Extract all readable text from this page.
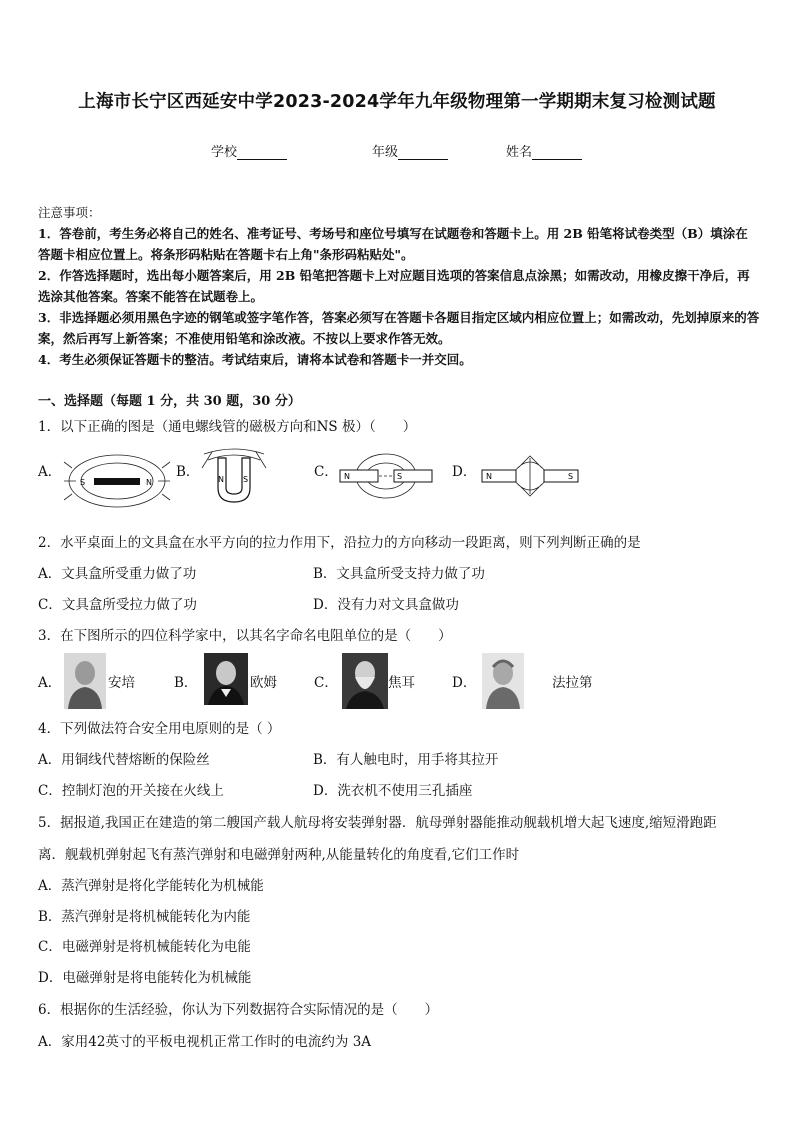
上海市长宁区西延安中学2023-2024学年九年级物理第一学期期末复习检测试题
学校	年级	姓名

注意事项：

1．答卷前，考生务必将自己的姓名、准考证号、考场号和座位号填写在试题卷和答题卡上。用 2B 铅笔将试卷类型（B）填涂在答题卡相应位置上。将条形码粘贴在答题卡右上角"条形码粘贴处"。

2．作答选择题时，选出每小题答案后，用 2B 铅笔把答题卡上对应题目选项的答案信息点涂黑；如需改动，用橡皮擦干净后，再选涂其他答案。答案不能答在试题卷上。

3．非选择题必须用黑色字迹的钢笔或签字笔作答，答案必须写在答题卡各题目指定区域内相应位置上；如需改动，先划掉原来的答案，然后再写上新答案；不准使用铅笔和涂改液。不按以上要求作答无效。

4．考生必须保证答题卡的整洁。考试结束后，请将本试卷和答题卡一并交回。

一、选择题（每题 1 分，共 30 题，30 分）
1．以下正确的图是（通电螺线管的磁极方向和NS 极）（　　）
A．
S	N
B． N S	C． N	S	D． N	S
2．水平桌面上的文具盒在水平方向的拉力作用下，沿拉力的方向移动一段距离，则下列判断正确的是
A．文具盒所受重力做了功	B．文具盒所受支持力做了功
C．文具盒所受拉力做了功	D．没有力对文具盒做功
3．在下图所示的四位科学家中，以其名字命名电阻单位的是（　　）
A．	安培	B．	欧姆	C．	焦耳	D．	法拉第
4．下列做法符合安全用电原则的是（ ）
A．用铜线代替熔断的保险丝	B．有人触电时，用手将其拉开
C．控制灯泡的开关接在火线上	D．洗衣机不使用三孔插座
5．据报道,我国正在建造的第二艘国产载人航母将安装弹射器．航母弹射器能推动舰载机增大起飞速度,缩短滑跑距
离．舰载机弹射起飞有蒸汽弹射和电磁弹射两种,从能量转化的角度看,它们工作时
A．蒸汽弹射是将化学能转化为机械能
B．蒸汽弹射是将机械能转化为内能
C．电磁弹射是将机械能转化为电能
D．电磁弹射是将电能转化为机械能
6．根据你的生活经验，你认为下列数据符合实际情况的是（　　）
A．家用42英寸的平板电视机正常工作时的电流约为 3A
